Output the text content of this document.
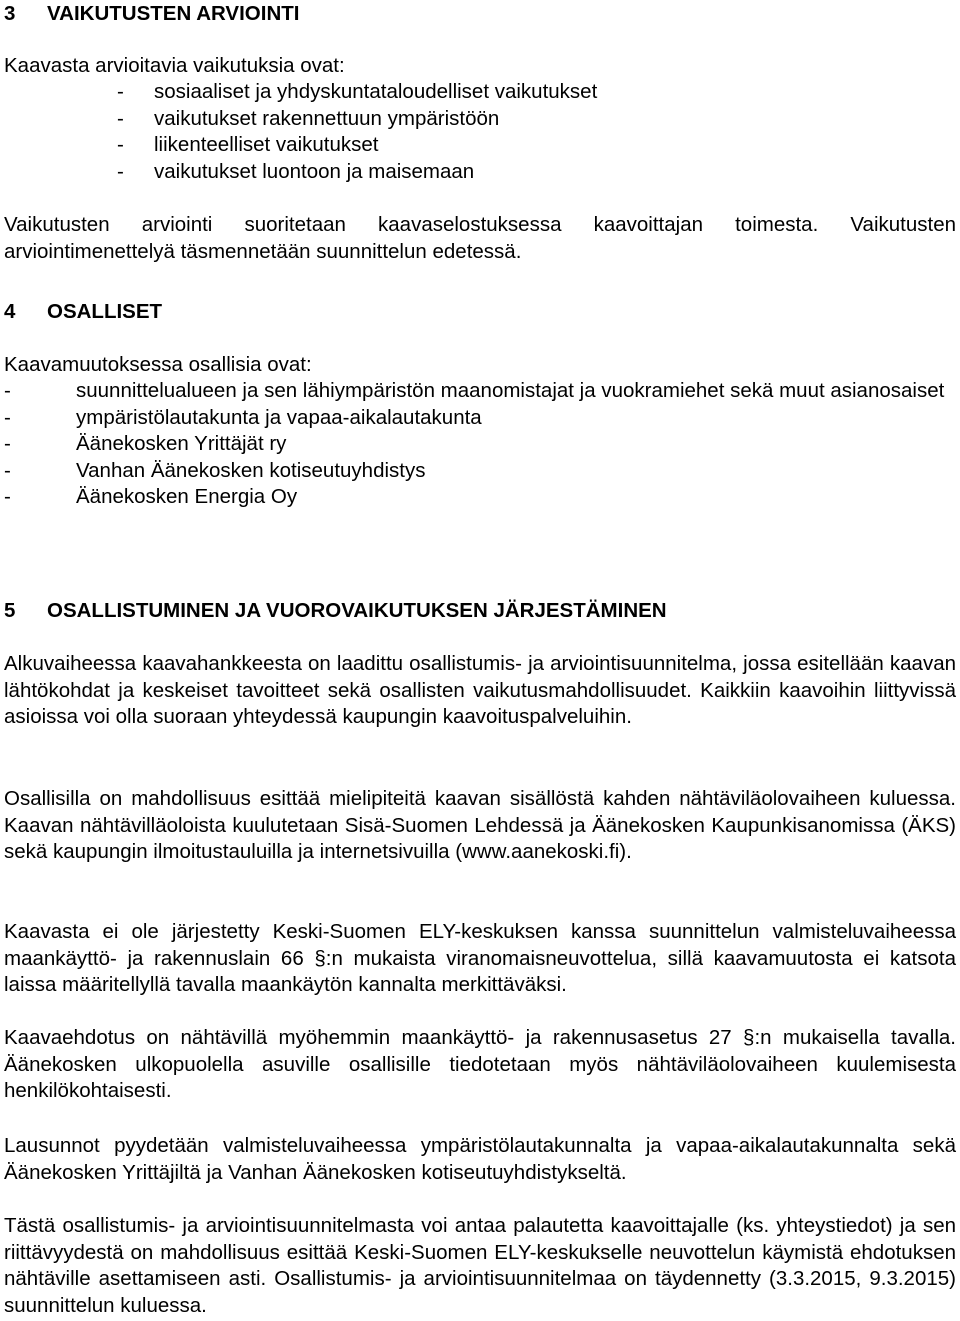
3	VAIKUTUSTEN ARVIOINTI

Kaavasta arvioitavia vaikutuksia ovat:

-	sosiaaliset ja yhdyskuntataloudelliset vaikutukset
-	vaikutukset rakennettuun ympäristöön
-	liikenteelliset vaikutukset
-	vaikutukset luontoon ja maisemaan

Vaikutusten arviointi suoritetaan kaavaselostuksessa kaavoittajan toimesta. Vaikutusten arviointimenettelyä täsmennetään suunnittelun edetessä.

4	OSALLISET

Kaavamuutoksessa osallisia ovat:

-	suunnittelualueen ja sen lähiympäristön maanomistajat ja vuokramiehet sekä muut asianosaiset
-	ympäristölautakunta ja vapaa-aikalautakunta
-	Äänekosken Yrittäjät ry
-	Vanhan Äänekosken kotiseutuyhdistys
-	Äänekosken Energia Oy
5	OSALLISTUMINEN JA VUOROVAIKUTUKSEN JÄRJESTÄMINEN

Alkuvaiheessa kaavahankkeesta on laadittu osallistumis- ja arviointisuunnitelma, jossa esitellään kaavan lähtökohdat ja keskeiset tavoitteet sekä osallisten vaikutusmahdollisuudet. Kaikkiin kaavoihin liittyvissä asioissa voi olla suoraan yhteydessä kaupungin kaavoituspalveluihin.

Osallisilla on mahdollisuus esittää mielipiteitä kaavan sisällöstä kahden nähtäviläolovaiheen kuluessa. Kaavan nähtävilläoloista kuulutetaan Sisä-Suomen Lehdessä ja Äänekosken Kaupunkisanomissa (ÄKS) sekä kaupungin ilmoitustauluilla ja internetsivuilla (www.aanekoski.fi).

Kaavasta ei ole järjestetty Keski-Suomen ELY-keskuksen kanssa suunnittelun valmisteluvaiheessa maankäyttö- ja rakennuslain 66 §:n mukaista viranomaisneuvottelua, sillä kaavamuutosta ei katsota laissa määritellyllä tavalla maankäytön kannalta merkittäväksi.

Kaavaehdotus on nähtävillä myöhemmin maankäyttö- ja rakennusasetus 27 §:n mukaisella tavalla. Äänekosken ulkopuolella asuville osallisille tiedotetaan myös nähtäviläolovaiheen kuulemisesta henkilökohtaisesti.

Lausunnot pyydetään valmisteluvaiheessa ympäristölautakunnalta ja vapaa-aikalautakunnalta sekä Äänekosken Yrittäjiltä ja Vanhan Äänekosken kotiseutuyhdistykseltä.

Tästä osallistumis- ja arviointisuunnitelmasta voi antaa palautetta kaavoittajalle (ks. yhteystiedot) ja sen riittävyydestä on mahdollisuus esittää Keski-Suomen ELY-keskukselle neuvottelun käymistä ehdotuksen nähtäville asettamiseen asti. Osallistumis- ja arviointisuunnitelmaa on täydennetty (3.3.2015, 9.3.2015) suunnittelun kuluessa.
